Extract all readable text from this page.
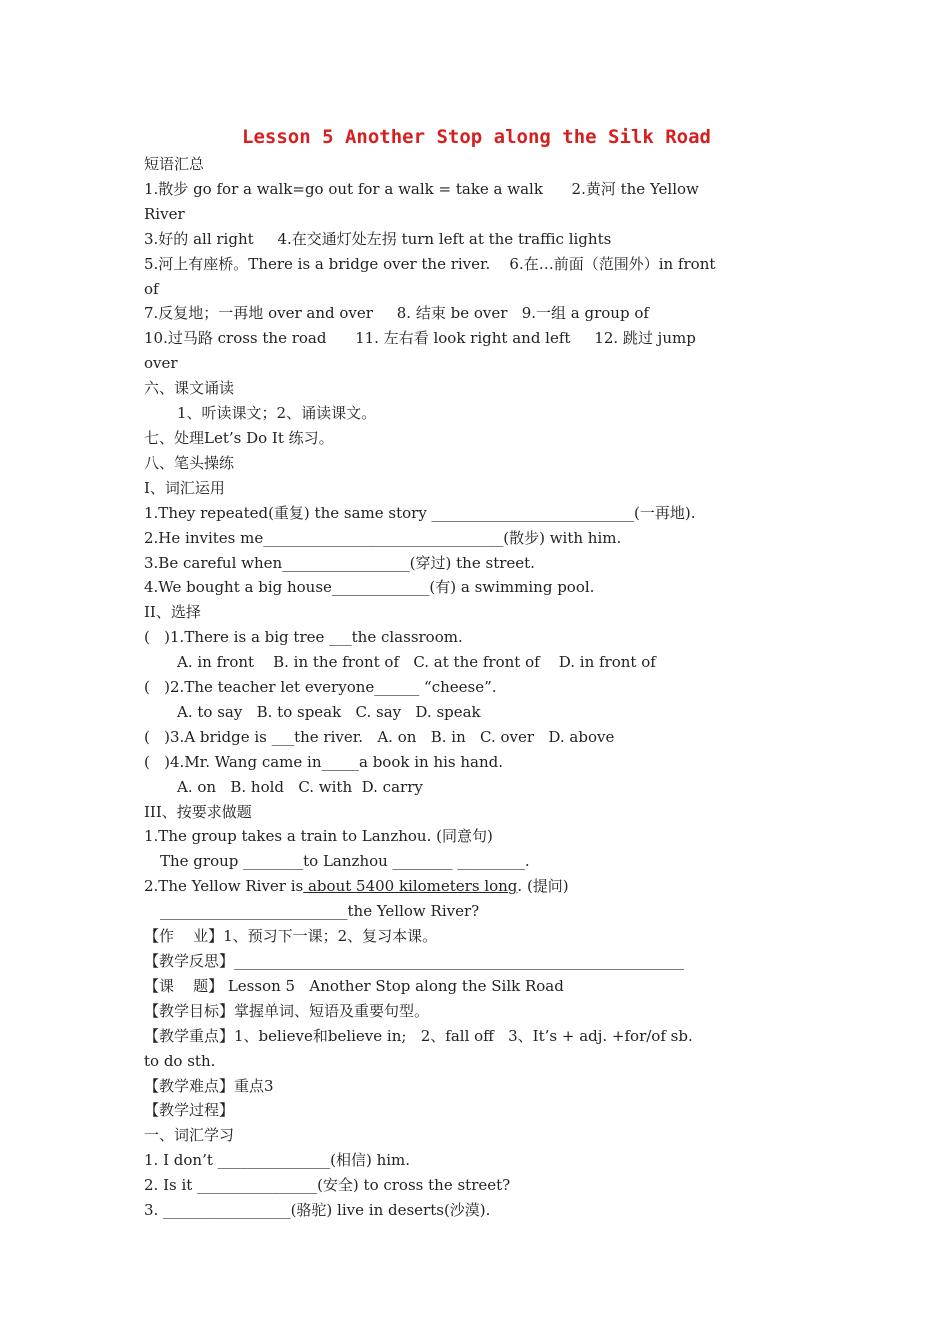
Lesson 5 Another Stop along the Silk Road
短语汇总
1.散步 go for a walk=go out for a walk = take a walk      2.黄河 the Yellow
River
3.好的 all right     4.在交通灯处左拐 turn left at the traffic lights
5.河上有座桥。There is a bridge over the river.    6.在…前面（范围外）in front
of
7.反复地；一再地 over and over     8. 结束 be over   9.一组 a group of
10.过马路 cross the road      11. 左右看 look right and left     12. 跳过 jump
over
六、课文诵读
1、听读课文；2、诵读课文。
七、处理Let’s Do It 练习。
八、笔头操练
I、词汇运用
1.They repeated(重复) the same story ___________________________(一再地).
2.He invites me________________________________(散步) with him.
3.Be careful when_________________(穿过) the street.
4.We bought a big house_____________(有) a swimming pool.
II、选择
(   )1.There is a big tree ___the classroom.
A. in front    B. in the front of   C. at the front of    D. in front of
(   )2.The teacher let everyone______ “cheese”.
A. to say   B. to speak   C. say   D. speak
(   )3.A bridge is ___the river.   A. on   B. in   C. over   D. above
(   )4.Mr. Wang came in_____a book in his hand.
A. on   B. hold   C. with  D. carry
III、按要求做题
1.The group takes a train to Lanzhou. (同意句)
The group ________to Lanzhou ________ _________.
2.The Yellow River is about 5400 kilometers long. (提问)
_________________________the Yellow River?
【作    业】1、预习下一课；2、复习本课。
【教学反思】____________________________________________________________
【课    题】 Lesson 5   Another Stop along the Silk Road
【教学目标】掌握单词、短语及重要句型。
【教学重点】1、believe和believe in;   2、fall off   3、It’s + adj. +for/of sb.
to do sth.
【教学难点】重点3
【教学过程】
一、词汇学习
1. I don’t _______________(相信) him.
2. Is it ________________(安全) to cross the street?
3. _________________(骆驼) live in deserts(沙漠).
